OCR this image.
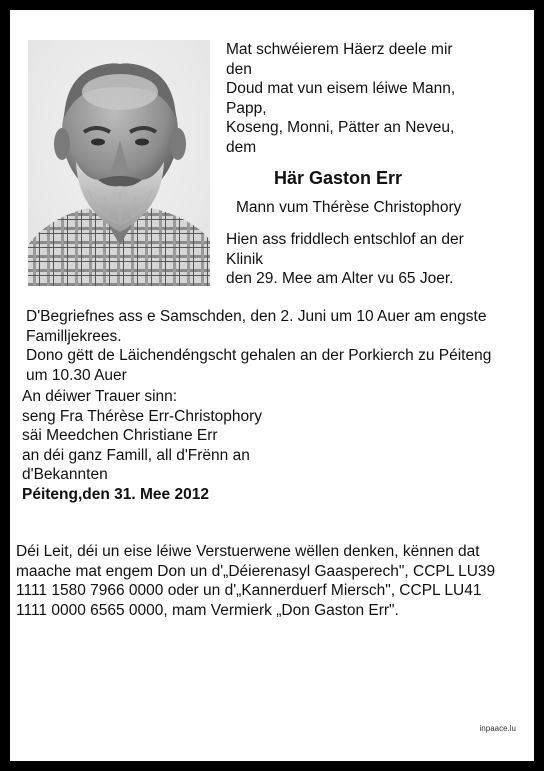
Mat schwéierem Häerz deele mir
den
Doud mat vun eisem léiwe Mann,
Papp,
Koseng, Monni, Pätter an Neveu,
dem
Här Gaston Err
Mann vum Thérèse Christophory
Hien ass friddlech entschlof an der
Klinik
den 29. Mee am Alter vu 65 Joer.
D'Begriefnes ass e Samschden, den 2. Juni um 10 Auer am engste
Familljekrees.
Dono gëtt de Läichendéngscht gehalen an der Porkierch zu Péiteng
um 10.30 Auer
An déiwer Trauer sinn:
seng Fra Thérèse Err-Christophory
säi Meedchen Christiane Err
an déi ganz Famill, all d'Frënn an
d'Bekannten
Péiteng,den 31. Mee 2012
Déi Leit, déi un eise léiwe Verstuerwene wëllen denken, kënnen dat
maache mat engem Don un d'„Déierenasyl Gaasperech", CCPL LU39
1111 1580 7966 0000 oder un d'„Kannerduerf Miersch", CCPL LU41
1111 0000 6565 0000, mam Vermierk „Don Gaston Err".
inpaace.lu
